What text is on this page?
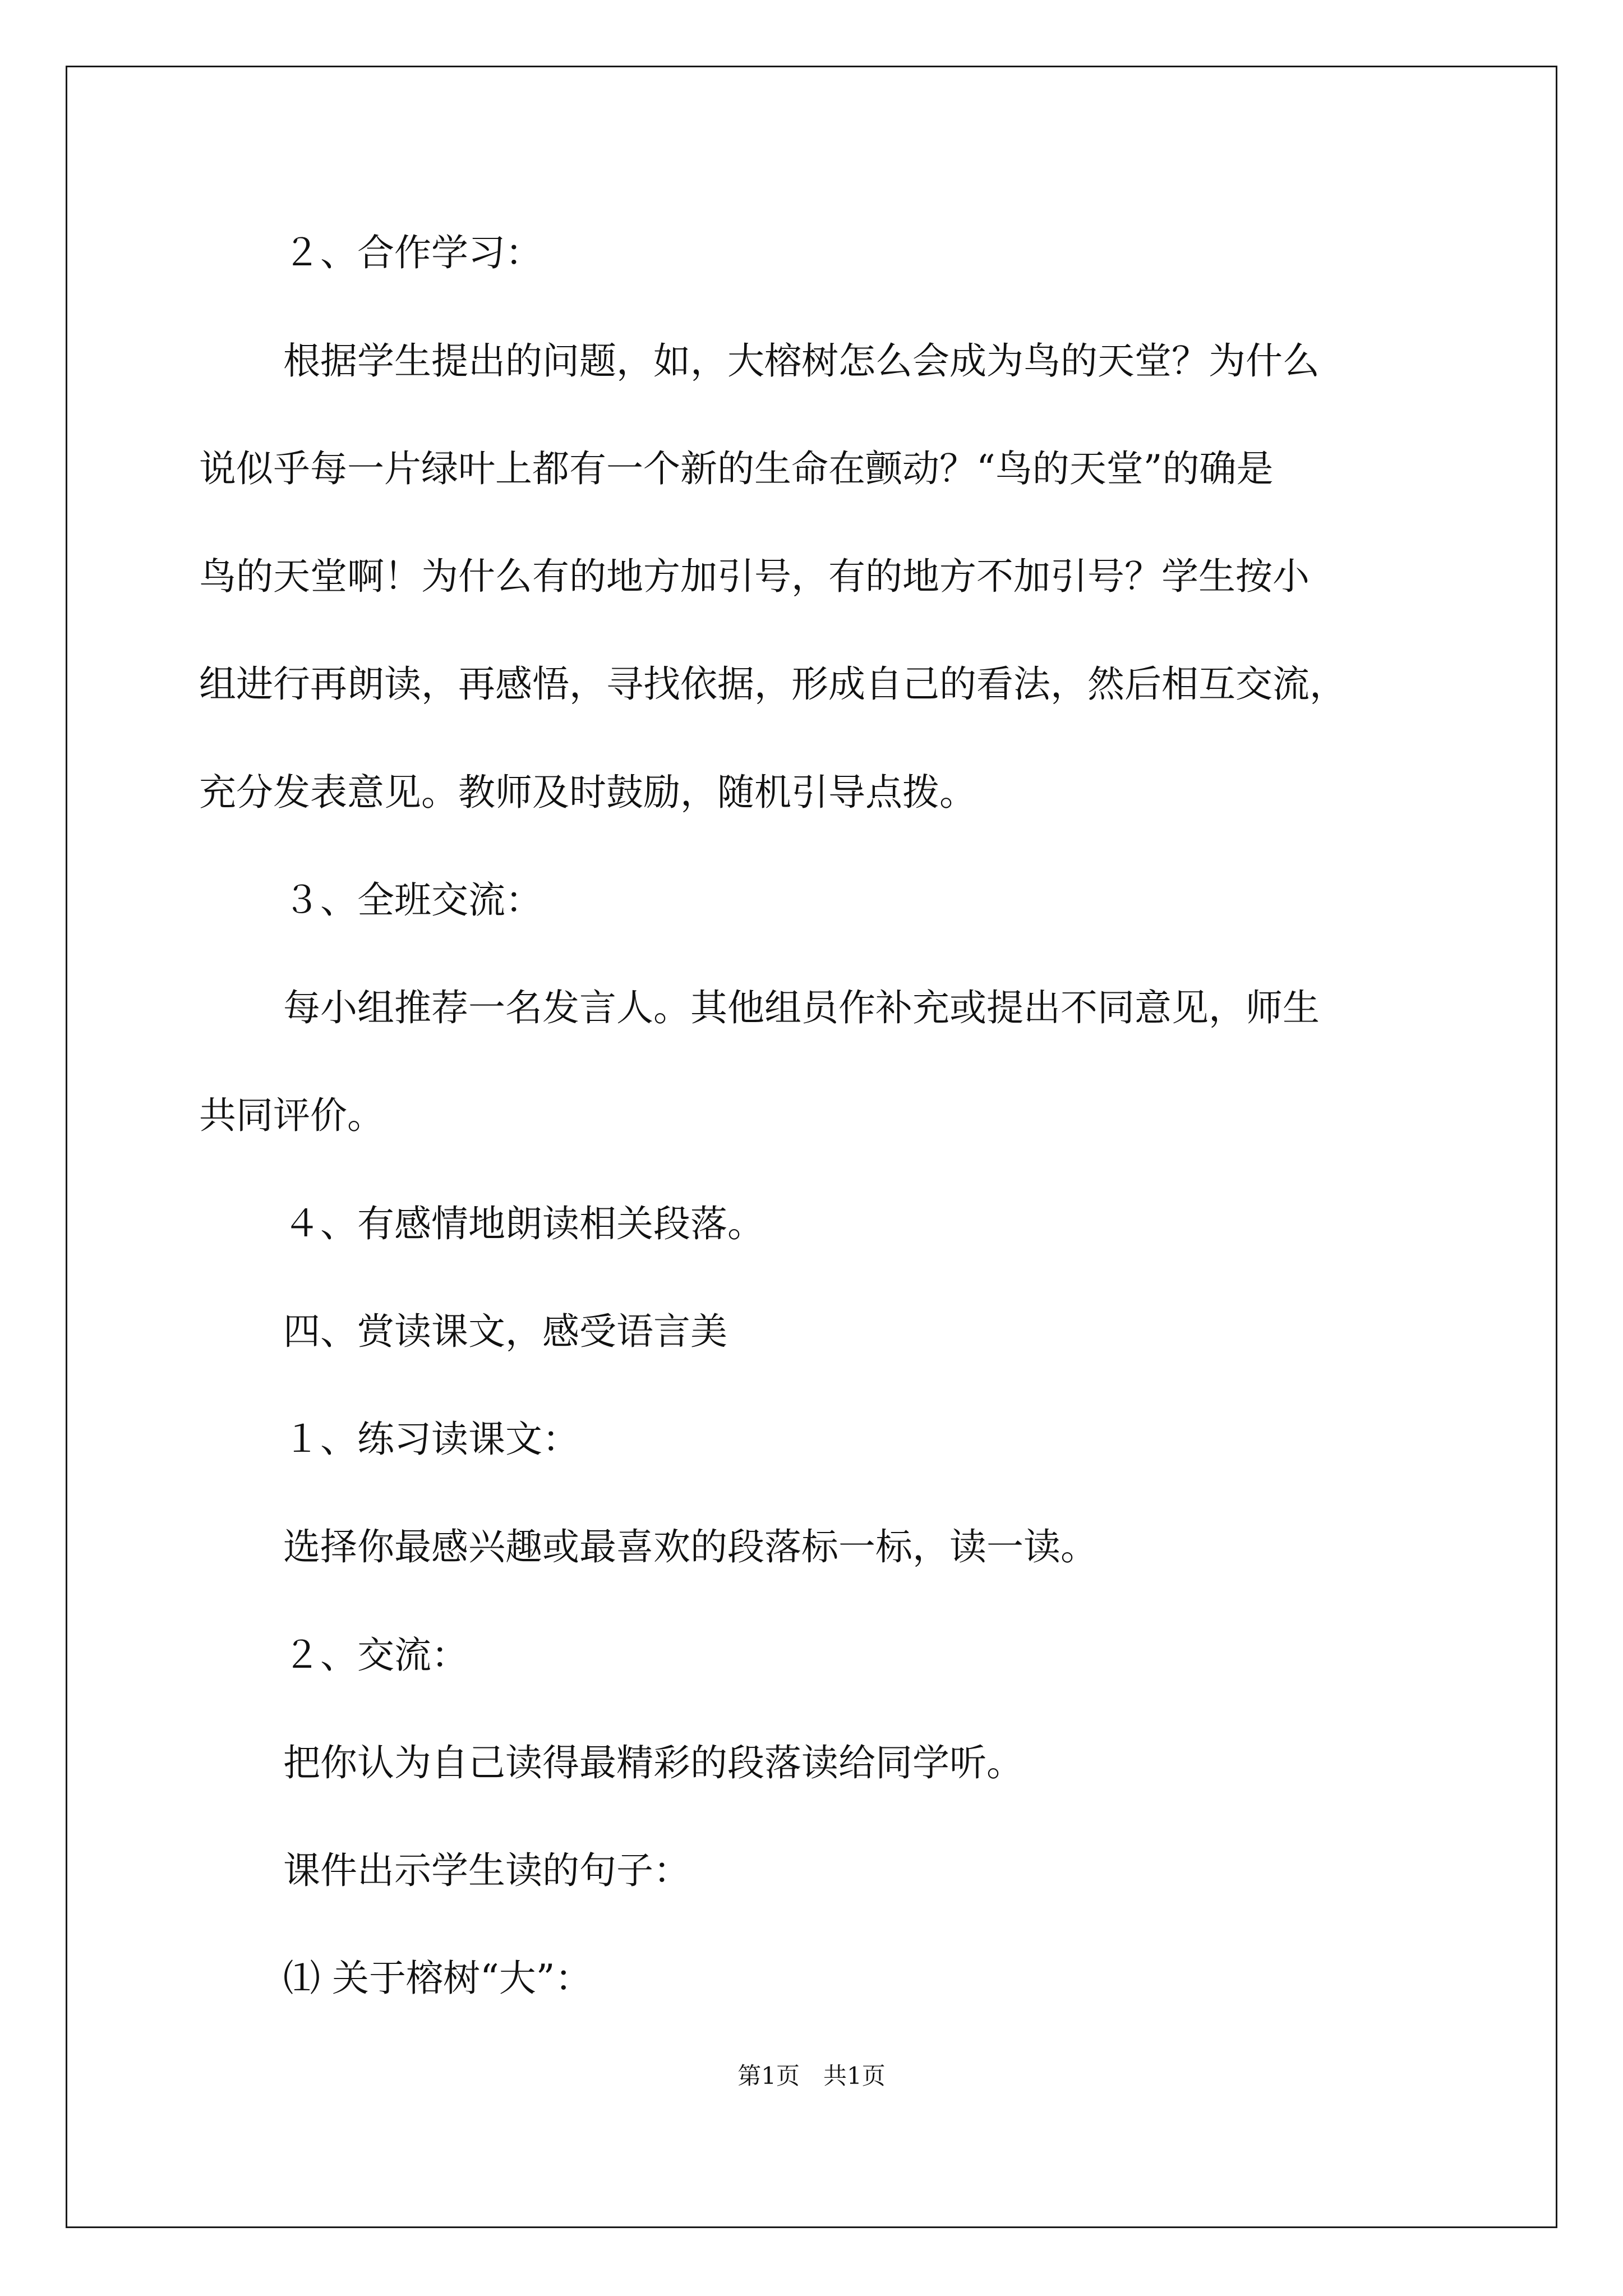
２、合作学习：
根据学生提出的问题，如，大榕树怎么会成为鸟的天堂？为什么
说似乎每一片绿叶上都有一个新的生命在颤动？“鸟的天堂”的确是
鸟的天堂啊！为什么有的地方加引号，有的地方不加引号？学生按小
组进行再朗读，再感悟，寻找依据，形成自己的看法，然后相互交流，
充分发表意见。教师及时鼓励，随机引导点拨。
３、全班交流：
每小组推荐一名发言人。其他组员作补充或提出不同意见，师生
共同评价。
４、有感情地朗读相关段落。
四、赏读课文，感受语言美
１、练习读课文：
选择你最感兴趣或最喜欢的段落标一标，读一读。
２、交流：
把你认为自己读得最精彩的段落读给同学听。
课件出示学生读的句子：
⑴ 关于榕树“大”：
第1页　共1页
